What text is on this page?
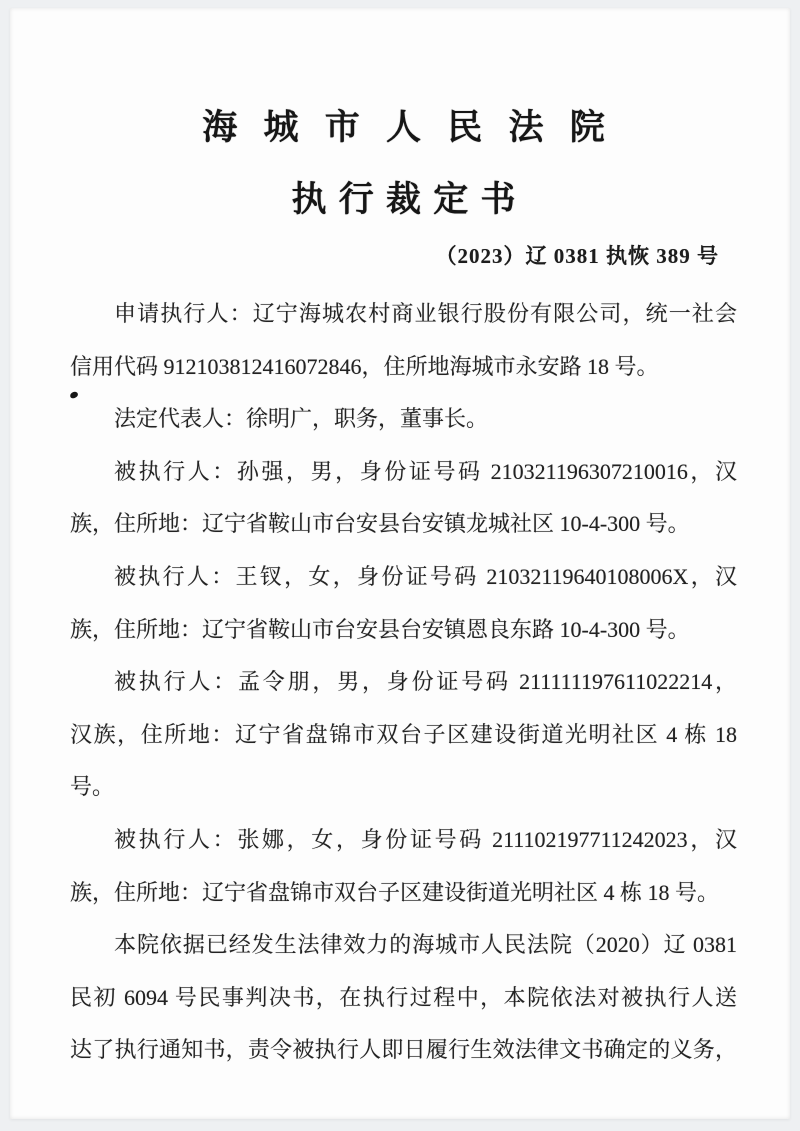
海城市人民法院
执行裁定书
（2023）辽 0381 执恢 389 号
申请执行人：辽宁海城农村商业银行股份有限公司，统一社会
信用代码 912103812416072846，住所地海城市永安路 18 号。
法定代表人：徐明广，职务，董事长。
被执行人：孙强，男，身份证号码 210321196307210016，汉
族，住所地：辽宁省鞍山市台安县台安镇龙城社区 10-4-300 号。
被执行人：王钗，女，身份证号码 21032119640108006X，汉
族，住所地：辽宁省鞍山市台安县台安镇恩良东路 10-4-300 号。
被执行人：孟令朋，男，身份证号码 211111197611022214，
汉族，住所地：辽宁省盘锦市双台子区建设街道光明社区 4 栋 18
号。
被执行人：张娜，女，身份证号码 211102197711242023，汉
族，住所地：辽宁省盘锦市双台子区建设街道光明社区 4 栋 18 号。
本院依据已经发生法律效力的海城市人民法院（2020）辽 0381
民初 6094 号民事判决书，在执行过程中，本院依法对被执行人送
达了执行通知书，责令被执行人即日履行生效法律文书确定的义务，
